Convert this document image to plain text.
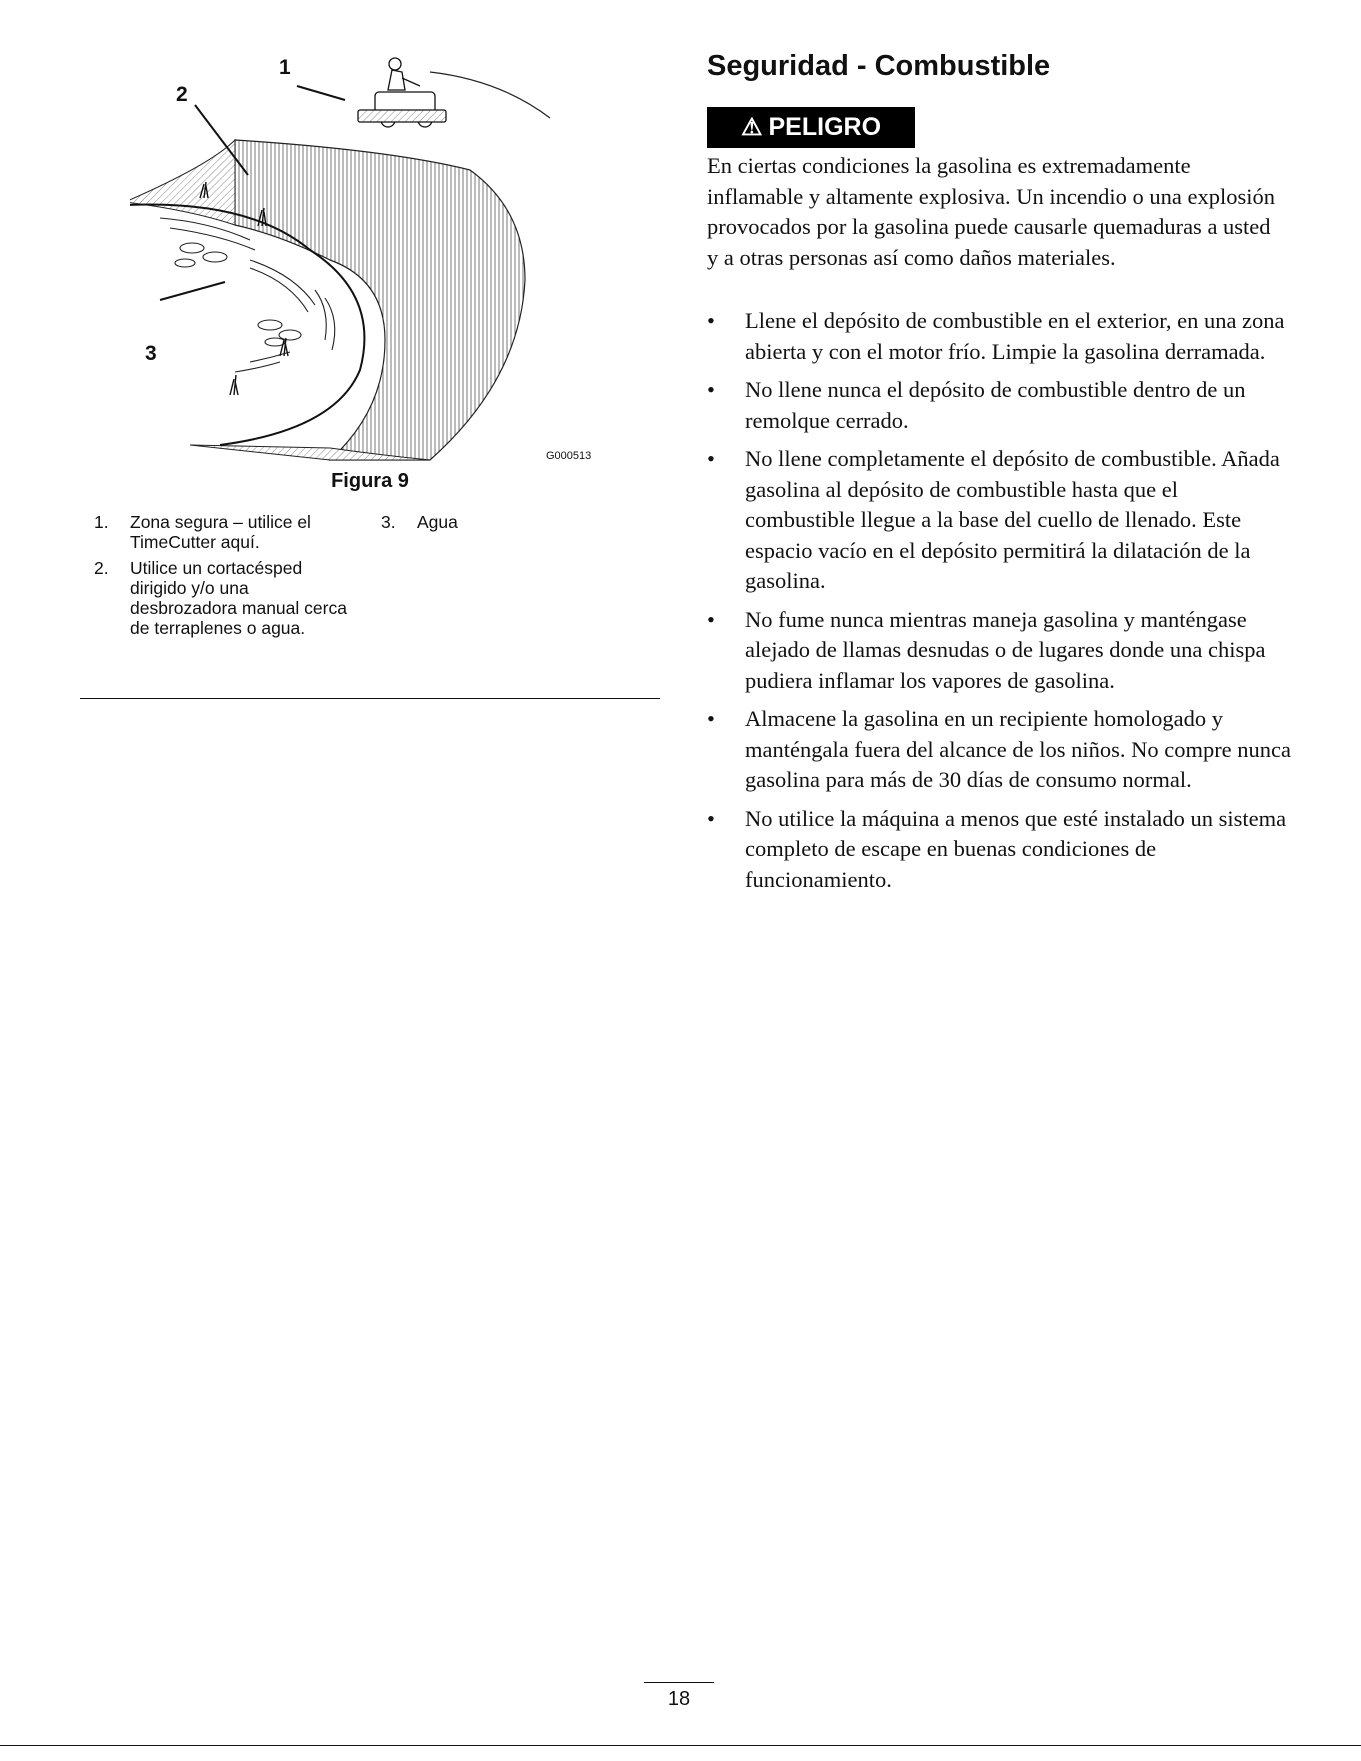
1
2
3
G000513
Figura 9
1.	Zona segura – utilice el TimeCutter aquí.
2.	Utilice un cortacésped dirigido y/o una desbrozadora manual cerca de terraplenes o agua.
3.	Agua
Seguridad - Combustible
⚠ PELIGRO

En ciertas condiciones la gasolina es extremadamente inflamable y altamente explosiva. Un incendio o una explosión provocados por la gasolina puede causarle quemaduras a usted y a otras personas así como daños materiales.

•	Llene el depósito de combustible en el exterior, en una zona abierta y con el motor frío. Limpie la gasolina derramada.
•	No llene nunca el depósito de combustible dentro de un remolque cerrado.
•	No llene completamente el depósito de combustible. Añada gasolina al depósito de combustible hasta que el combustible llegue a la base del cuello de llenado. Este espacio vacío en el depósito permitirá la dilatación de la gasolina.
•	No fume nunca mientras maneja gasolina y manténgase alejado de llamas desnudas o de lugares donde una chispa pudiera inflamar los vapores de gasolina.
•	Almacene la gasolina en un recipiente homologado y manténgala fuera del alcance de los niños. No compre nunca gasolina para más de 30 días de consumo normal.
•	No utilice la máquina a menos que esté instalado un sistema completo de escape en buenas condiciones de funcionamiento.
18
